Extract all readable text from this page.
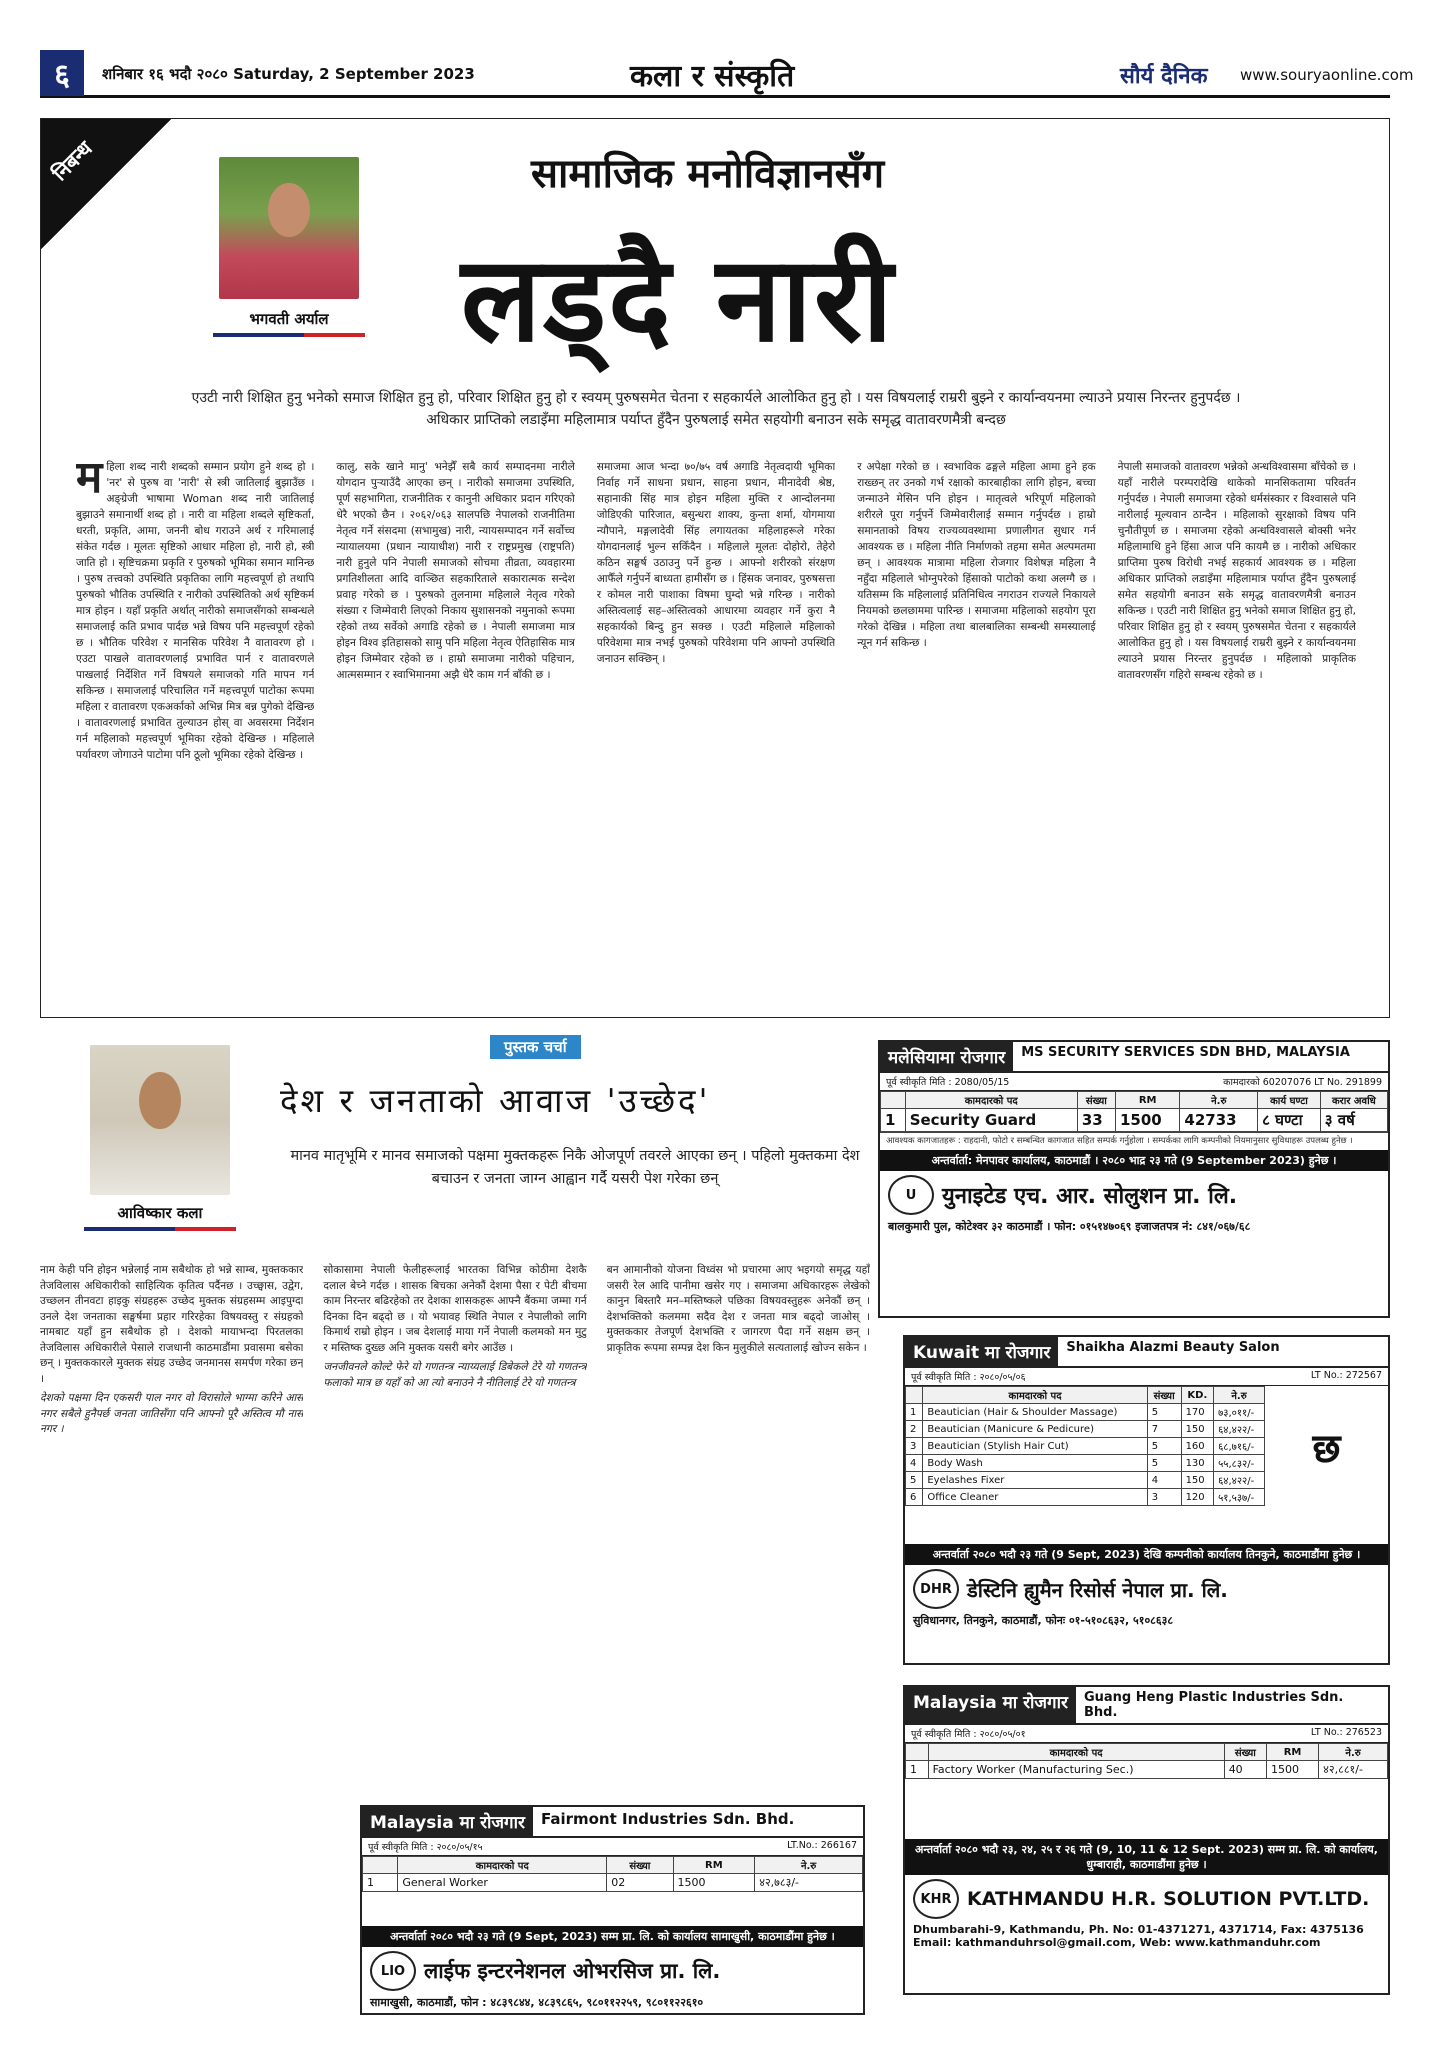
६	शनिबार १६ भदौ २०८० Saturday, 2 September 2023	कला र संस्कृति	सौर्य दैनिक www.souryaonline.com
निबन्ध
भगवती अर्याल
सामाजिक मनोविज्ञानसँग
लड्दै नारी
एउटी नारी शिक्षित हुनु भनेको समाज शिक्षित हुनु हो, परिवार शिक्षित हुनु हो र स्वयम् पुरुषसमेत चेतना र सहकार्यले आलोकित हुनु हो । यस विषयलाई राम्ररी बुझ्ने र कार्यान्वयनमा ल्याउने प्रयास निरन्तर हुनुपर्दछ । अधिकार प्राप्तिको लडाइँमा महिलामात्र पर्याप्त हुँदैन पुरुषलाई समेत सहयोगी बनाउन सके समृद्ध वातावरणमैत्री बन्दछ
महिला शब्द नारी शब्दको सम्मान प्रयोग हुने शब्द हो । 'नर' से पुरुष वा 'नारी' से स्त्री जातिलाई बुझाउँछ । अङ्ग्रेजी भाषामा Woman शब्द नारी जातिलाई बुझाउने समानार्थी शब्द हो । नारी वा महिला शब्दले सृष्टिकर्ता, धरती, प्रकृति, आमा, जननी बोध गराउने अर्थ र गरिमालाई संकेत गर्दछ । मूलतः सृष्टिको आधार महिला हो, नारी हो, स्त्री जाति हो । सृष्टिचक्रमा प्रकृति र पुरुषको भूमिका समान मानिन्छ । पुरुष तत्त्वको उपस्थिति प्रकृतिका लागि महत्त्वपूर्ण हो तथापि पुरुषको भौतिक उपस्थिति र नारीको उपस्थितिको अर्थ सृष्टिकर्म मात्र होइन । यहाँ प्रकृति अर्थात् नारीको समाजसँगको सम्बन्धले समाजलाई कति प्रभाव पार्दछ भन्ने विषय पनि महत्त्वपूर्ण रहेको छ । भौतिक परिवेश र मानसिक परिवेश नै वातावरण हो । एउटा पाखले वातावरणलाई प्रभावित पार्न र वातावरणले पाखलाई निर्देशित गर्ने विषयले समाजको गति मापन गर्न सकिन्छ । समाजलाई परिचालित गर्ने महत्त्वपूर्ण पाटोका रूपमा महिला र वातावरण एकअर्काको अभिन्न मित्र बन्न पुगेको देखिन्छ । वातावरणलाई प्रभावित तुल्याउन होस् वा अवसरमा निर्देशन गर्न महिलाको महत्त्वपूर्ण भूमिका रहेको देखिन्छ । महिलाले पर्यावरण जोगाउने पाटोमा पनि ठूलो भूमिका रहेको देखिन्छ ।
कालु, सके खाने मानु' भनेझैँ सबै कार्य सम्पादनमा नारीले योगदान पुर्‍याउँदै आएका छन् । नारीको समाजमा उपस्थिति, पूर्ण सहभागिता, राजनीतिक र कानुनी अधिकार प्रदान गरिएको धेरै भएको छैन । २०६२/०६३ सालपछि नेपालको राजनीतिमा नेतृत्व गर्ने संसदमा (सभामुख) नारी, न्यायसम्पादन गर्ने सर्वोच्च न्यायालयमा (प्रधान न्यायाधीश) नारी र राष्ट्रप्रमुख (राष्ट्रपति) नारी हुनुले पनि नेपाली समाजको सोचमा तीव्रता, व्यवहारमा प्रगतिशीलता आदि वाञ्छित सहकारिताले सकारात्मक सन्देश प्रवाह गरेको छ । पुरुषको तुलनामा महिलाले नेतृत्व गरेको संख्या र जिम्मेवारी लिएको निकाय सुशासनको नमुनाको रूपमा रहेको तथ्य सर्वेको अगाडि रहेको छ । नेपाली समाजमा मात्र होइन विश्व इतिहासको सामु पनि महिला नेतृत्व ऐतिहासिक मात्र होइन जिम्मेवार रहेको छ । हाम्रो समाजमा नारीको पहिचान, आत्मसम्मान र स्वाभिमानमा अझै धेरै काम गर्न बाँकी छ ।
समाजमा आज भन्दा ७०/७५ वर्ष अगाडि नेतृत्वदायी भूमिका निर्वाह गर्ने साधना प्रधान, साहना प्रधान, मीनादेवी श्रेष्ठ, सहानाकी सिंह मात्र होइन महिला मुक्ति र आन्दोलनमा जोडिएकी पारिजात, बसुन्धरा शाक्य, कुन्ता शर्मा, योगमाया न्यौपाने, मङ्गलादेवी सिंह लगायतका महिलाहरूले गरेका योगदानलाई भुल्न सकिँदैन । महिलाले मूलतः दोहोरो, तेहेरो कठिन सङ्घर्ष उठाउनु पर्ने हुन्छ । आफ्नो शरीरको संरक्षण आफैँले गर्नुपर्ने बाध्यता हामीसँग छ । हिंसक जनावर, पुरुषसत्ता र कोमल नारी पाशाका विषमा घुम्दो भन्ने गरिन्छ । नारीको अस्तित्वलाई सह–अस्तित्वको आधारमा व्यवहार गर्ने कुरा नै सहकार्यको बिन्दु हुन सक्छ । एउटी महिलाले महिलाको परिवेशमा मात्र नभई पुरुषको परिवेशमा पनि आफ्नो उपस्थिति जनाउन सक्छिन् ।
र अपेक्षा गरेको छ । स्वभाविक ढङ्गले महिला आमा हुने हक राख्छन् तर उनको गर्भ रक्षाको कारबाहीका लागि होइन, बच्चा जन्माउने मेसिन पनि होइन । मातृत्वले भरिपूर्ण महिलाको शरीरले पूरा गर्नुपर्ने जिम्मेवारीलाई सम्मान गर्नुपर्दछ । हाम्रो समानताको विषय राज्यव्यवस्थामा प्रणालीगत सुधार गर्न आवश्यक छ । महिला नीति निर्माणको तहमा समेत अल्पमतमा छन् । आवश्यक मात्रामा महिला रोजगार विशेषज्ञ महिला नै नहुँदा महिलाले भोग्नुपरेको हिंसाको पाटोको कथा अलग्गै छ । यतिसम्म कि महिलालाई प्रतिनिधित्व नगराउन राज्यले निकायले नियमको छलछाममा पारिन्छ । समाजमा महिलाको सहयोग पूरा गरेको देखिन्न । महिला तथा बालबालिका सम्बन्धी समस्यालाई न्यून गर्न सकिन्छ ।
नेपाली समाजको वातावरण भन्नेको अन्धविश्वासमा बाँचेको छ । यहाँ नारीले परम्परादेखि थाकेको मानसिकतामा परिवर्तन गर्नुपर्दछ । नेपाली समाजमा रहेको धर्मसंस्कार र विश्वासले पनि नारीलाई मूल्यवान ठान्दैन । महिलाको सुरक्षाको विषय पनि चुनौतीपूर्ण छ । समाजमा रहेको अन्धविश्वासले बोक्सी भनेर महिलामाथि हुने हिंसा आज पनि कायमै छ । नारीको अधिकार प्राप्तिमा पुरुष विरोधी नभई सहकार्य आवश्यक छ । महिला अधिकार प्राप्तिको लडाइँमा महिलामात्र पर्याप्त हुँदैन पुरुषलाई समेत सहयोगी बनाउन सके समृद्ध वातावरणमैत्री बनाउन सकिन्छ । एउटी नारी शिक्षित हुनु भनेको समाज शिक्षित हुनु हो, परिवार शिक्षित हुनु हो र स्वयम् पुरुषसमेत चेतना र सहकार्यले आलोकित हुनु हो । यस विषयलाई राम्ररी बुझ्ने र कार्यान्वयनमा ल्याउने प्रयास निरन्तर हुनुपर्दछ । महिलाको प्राकृतिक वातावरणसँग गहिरो सम्बन्ध रहेको छ ।
आविष्कार कला
पुस्तक चर्चा
देश र जनताको आवाज 'उच्छेद'
मानव मातृभूमि र मानव समाजको पक्षमा मुक्तकहरू निकै ओजपूर्ण तवरले आएका छन् । पहिलो मुक्तकमा देश बचाउन र जनता जाग्न आह्वान गर्दै यसरी पेश गरेका छन्
नाम केही पनि होइन भन्नेलाई नाम सबैथोक हो भन्ने साम्ब, मुक्तककार तेजविलास अधिकारीको साहित्यिक कृतित्व पर्दैनछ । उच्छ्वास, उद्वेग, उच्छलन तीनवटा हाइकु संग्रहहरू उच्छेद मुक्तक संग्रहसम्म आइपुग्दा उनले देश जनताका सङ्घर्षमा प्रहार गरिरहेका विषयवस्तु र संग्रहको नामबाट यहाँ हुन सबैथोक हो । देशको मायाभन्दा पिरतलका तेजविलास अधिकारीले पेसाले राजधानी काठमाडौंमा प्रवासमा बसेका छन् । मुक्तककारले मुक्तक संग्रह उच्छेद जनमानस समर्पण गरेका छन् ।
देशको पक्षमा दिन एकसरी पाल नगर वो विरासोले भाग्मा करिने आस नगर सबैले हुनैपर्छ जनता जातिसँगा पनि आफ्नो पूरै अस्तित्व मौ नास नगर ।
सोकासामा नेपाली फेलीहरूलाई भारतका विभिन्न कोठीमा देशकै दलाल बेच्ने गर्दछ । शासक बिचका अनेकौं देशमा पैसा र पेटी बीचमा काम निरन्तर बढिरहेको तर देशका शासकहरू आफ्नै बैंकमा जम्मा गर्न दिनका दिन बढ्दो छ । यो भयावह स्थिति नेपाल र नेपालीको लागि किमार्थ राम्रो होइन । जब देशलाई माया गर्ने नेपाली कलमको मन मुटु र मस्तिष्क दुख्छ अनि मुक्तक यसरी बगेर आउँछ ।
जनजीवनले कोल्टे फेरे यो गणतन्त्र न्याय्यलाई डिबेकले टेरे यो गणतन्त्र फलाको मात्र छ यहाँ को आ त्यो बनाउने नै नीतिलाई टेरे यो गणतन्त्र
बन आमानीको योजना विध्वंस भो प्रचारमा आए भइगयो समृद्ध यहाँ जसरी रेल आदि पानीमा खसेर गए । समाजमा अधिकारहरू लेखेको कानुन बिस्तारै मन–मस्तिष्कले पछिका विषयवस्तुहरू अनेकौं छन् । देशभक्तिको कलममा सदैव देश र जनता मात्र बढ्दो जाओस् । मुक्तककार तेजपूर्ण देशभक्ति र जागरण पैदा गर्ने सक्षम छन् । प्राकृतिक रूपमा सम्पन्न देश किन मुलुकीले सत्यतालाई खोज्न सकेन ।
Malaysia मा रोजगार	Fairmont Industries Sdn. Bhd.
पूर्व स्वीकृति मिति : २०८०/०५/१५	LT.No.: 266167
	कामदारको पद	संख्या	RM	ने.रु
1	General Worker	02	1500	४२,७८३/-
अन्तर्वार्ता २०८० भदौ २३ गते (9 Sept, 2023) सम्म प्रा. लि. को कार्यालय सामाखुसी, काठमाडौंमा हुनेछ ।
LIO लाईफ इन्टरनेशनल ओभरसिज प्रा. लि.
सामाखुसी, काठमाडौं, फोन : ४८३९८४४, ४८३९८६५, ९८०११२२५९, ९८०११२२६१०
मलेसियामा रोजगार	MS SECURITY SERVICES SDN BHD, MALAYSIA
पूर्व स्वीकृति मिति : 2080/05/15	कामदारको 60207076 LT No. 291899
	कामदारको पद	संख्या	RM	ने.रु	कार्य घण्टा	करार अवधि
1	Security Guard	33	1500	42733	८ घण्टा	३ वर्ष
आवश्यक कागजातहरू : राहदानी, फोटो र सम्बन्धित कागजात सहित सम्पर्क गर्नुहोला । सम्पर्कका लागि कम्पनीको नियमानुसार सुविधाहरू उपलब्ध हुनेछ ।
अन्तर्वार्ता: मेनपावर कार्यालय, काठमाडौं । २०८० भाद्र २३ गते (9 September 2023) हुनेछ ।
U	युनाइटेड एच. आर. सोलुशन प्रा. लि.
बालकुमारी पुल, कोटेश्वर ३२ काठमाडौं । फोन: ०१५१४७०६९ इजाजतपत्र नं: ८४१/०६७/६८
Kuwait मा रोजगार	Shaikha Alazmi Beauty Salon
पूर्व स्वीकृति मिति : २०८०/०५/०६	LT No.: 272567
	कामदारको पद	संख्या	KD.	ने.रु
1	Beautician (Hair & Shoulder Massage)	5	170	७३,०११/-
2	Beautician (Manicure & Pedicure)	7	150	६४,४२२/-
3	Beautician (Stylish Hair Cut)	5	160	६८,७१६/-
4	Body Wash	5	130	५५,८३२/-
5	Eyelashes Fixer	4	150	६४,४२२/-
6	Office Cleaner	3	120	५१,५३७/-
छ
अन्तर्वार्ता २०८० भदौ २३ गते (9 Sept, 2023) देखि कम्पनीको कार्यालय तिनकुने, काठमाडौंमा हुनेछ ।
DHR डेस्टिनि ह्युमैन रिसोर्स नेपाल प्रा. लि.
सुविधानगर, तिनकुने, काठमाडौं, फोनः ०१-५१०८६३२, ५१०८६३८
Malaysia मा रोजगार	Guang Heng Plastic Industries Sdn. Bhd.
पूर्व स्वीकृति मिति : २०८०/०५/०१	LT No.: 276523
	कामदारको पद	संख्या	RM	ने.रु
1	Factory Worker (Manufacturing Sec.)	40	1500	४२,८८१/-
अन्तर्वार्ता २०८० भदौ २३, २४, २५ र २६ गते (9, 10, 11 & 12 Sept. 2023) सम्म प्रा. लि. को कार्यालय, धुम्बाराही, काठमाडौंमा हुनेछ ।
KHR KATHMANDU H.R. SOLUTION PVT.LTD.
Dhumbarahi-9, Kathmandu, Ph. No: 01-4371271, 4371714, Fax: 4375136 Email: kathmanduhrsol@gmail.com, Web: www.kathmanduhr.com
